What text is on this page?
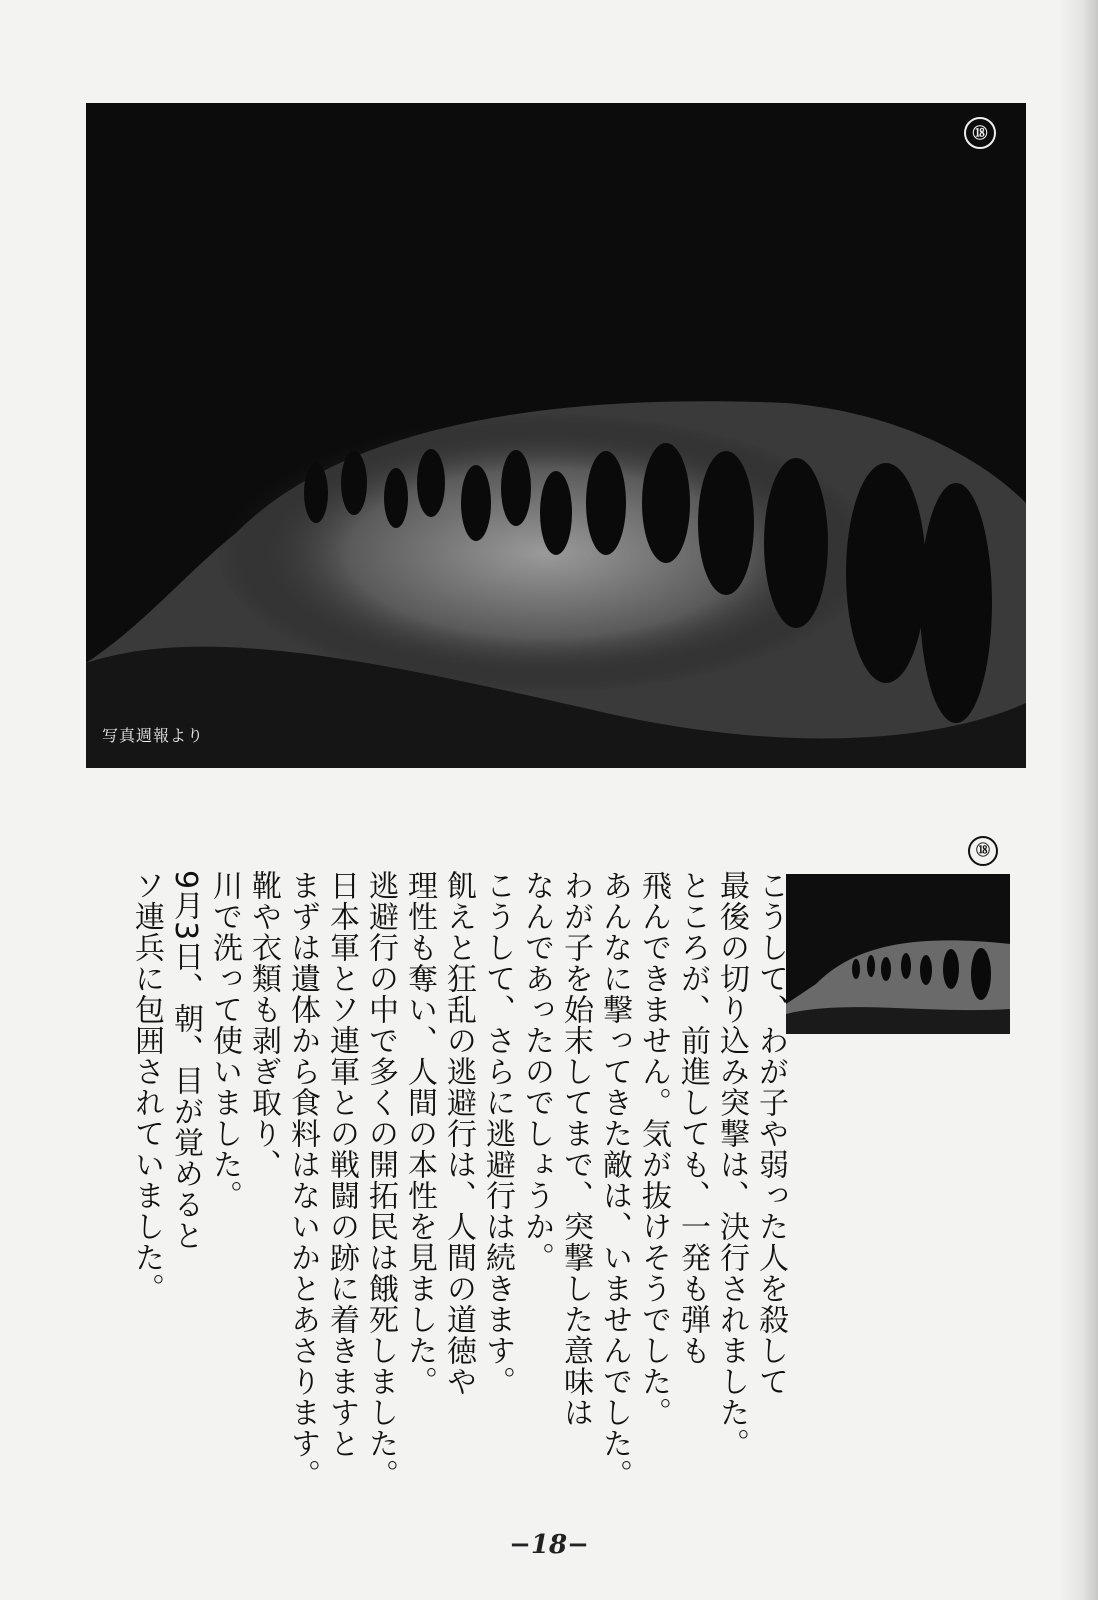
⑱
写真週報より
⑱
こうして、わが子や弱った人を殺して
最後の切り込み突撃は、決行されました。
ところが、前進しても、一発も弾も
飛んできません。気が抜けそうでした。
あんなに撃ってきた敵は、いませんでした。
わが子を始末してまで、突撃した意味は
なんであったのでしょうか。
こうして、さらに逃避行は続きます。
飢えと狂乱の逃避行は、人間の道徳や
理性も奪い、人間の本性を見ました。
逃避行の中で多くの開拓民は餓死しました。
日本軍とソ連軍との戦闘の跡に着きますと
まずは遺体から食料はないかとあさります。
靴や衣類も剥ぎ取り、
川で洗って使いました。
9月3日、朝、目が覚めると
ソ連兵に包囲されていました。
−18−
